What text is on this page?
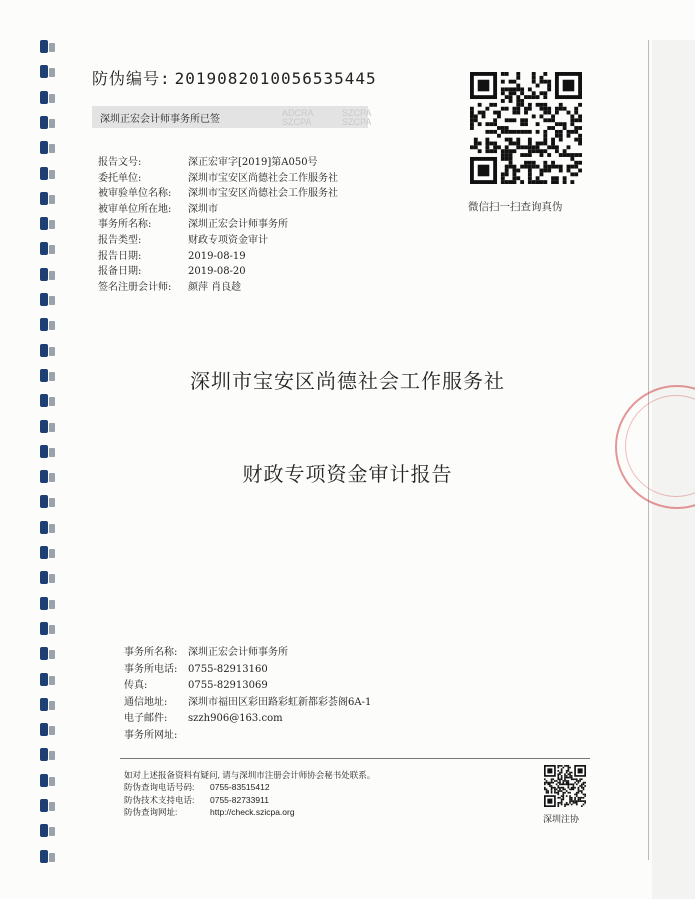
防伪编号: 2019082010056535445
深圳正宏会计师事务所已签
ADCRA	SZCPA
SZCPA	SZCPA
微信扫一扫查询真伪
报告文号:	深正宏审字[2019]第A050号
委托单位:	深圳市宝安区尚德社会工作服务社
被审验单位名称:	深圳市宝安区尚德社会工作服务社
被审单位所在地:	深圳市
事务所名称:	深圳正宏会计师事务所
报告类型:	财政专项资金审计
报告日期:	2019-08-19
报备日期:	2019-08-20
签名注册会计师:	颜萍 肖良趁
深圳市宝安区尚德社会工作服务社
财政专项资金审计报告
事务所名称:	深圳正宏会计师事务所
事务所电话:	0755-82913160
传真:	0755-82913069
通信地址:	深圳市福田区彩田路彩虹新都彩荟阁6A-1
电子邮件:	szzh906@163.com
事务所网址:
如对上述报备资料有疑问, 请与深圳市注册会计师协会秘书处联系。
防伪查询电话号码: 0755-83515412
防伪技术支持电话: 0755-82733911
防伪查询网址:	http://check.szicpa.org
深圳注协
